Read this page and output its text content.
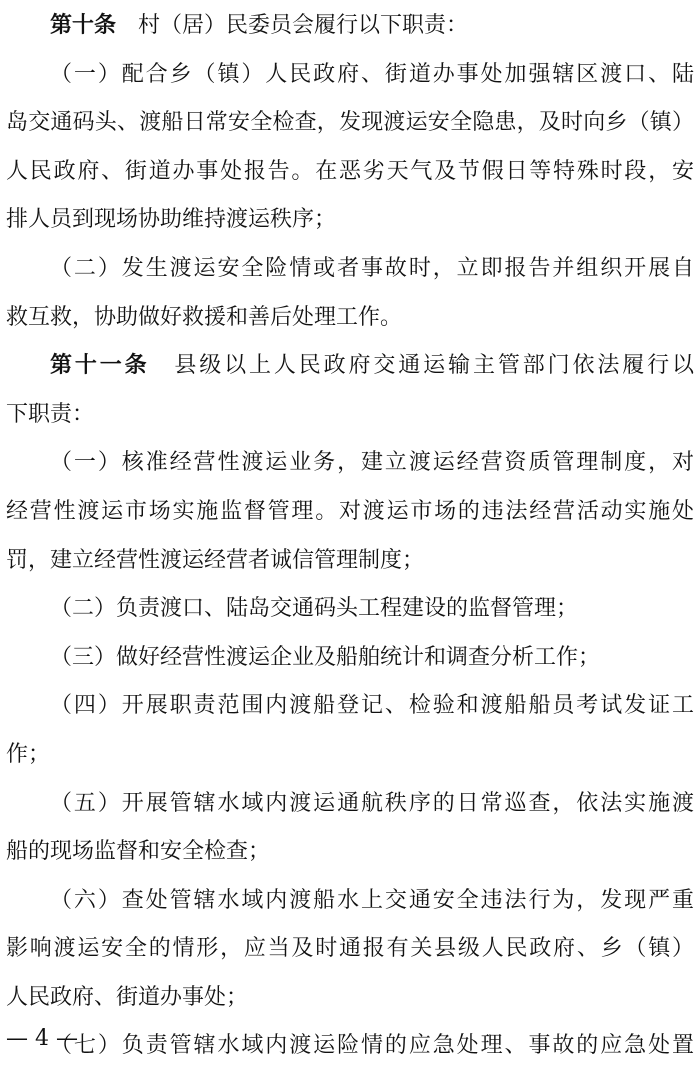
第十条 村（居）民委员会履行以下职责：
（一）配合乡（镇）人民政府、街道办事处加强辖区渡口、陆
岛交通码头、渡船日常安全检查，发现渡运安全隐患，及时向乡（镇）
人民政府、街道办事处报告。在恶劣天气及节假日等特殊时段，安
排人员到现场协助维持渡运秩序；
（二）发生渡运安全险情或者事故时，立即报告并组织开展自
救互救，协助做好救援和善后处理工作。
第十一条 县级以上人民政府交通运输主管部门依法履行以
下职责：
（一）核准经营性渡运业务，建立渡运经营资质管理制度，对
经营性渡运市场实施监督管理。对渡运市场的违法经营活动实施处
罚，建立经营性渡运经营者诚信管理制度；
（二）负责渡口、陆岛交通码头工程建设的监督管理；
（三）做好经营性渡运企业及船舶统计和调查分析工作；
（四）开展职责范围内渡船登记、检验和渡船船员考试发证工
作；
（五）开展管辖水域内渡运通航秩序的日常巡查，依法实施渡
船的现场监督和安全检查；
（六）查处管辖水域内渡船水上交通安全违法行为，发现严重
影响渡运安全的情形，应当及时通报有关县级人民政府、乡（镇）
人民政府、街道办事处；
（七）负责管辖水域内渡运险情的应急处理、事故的应急处置
— 4 —
